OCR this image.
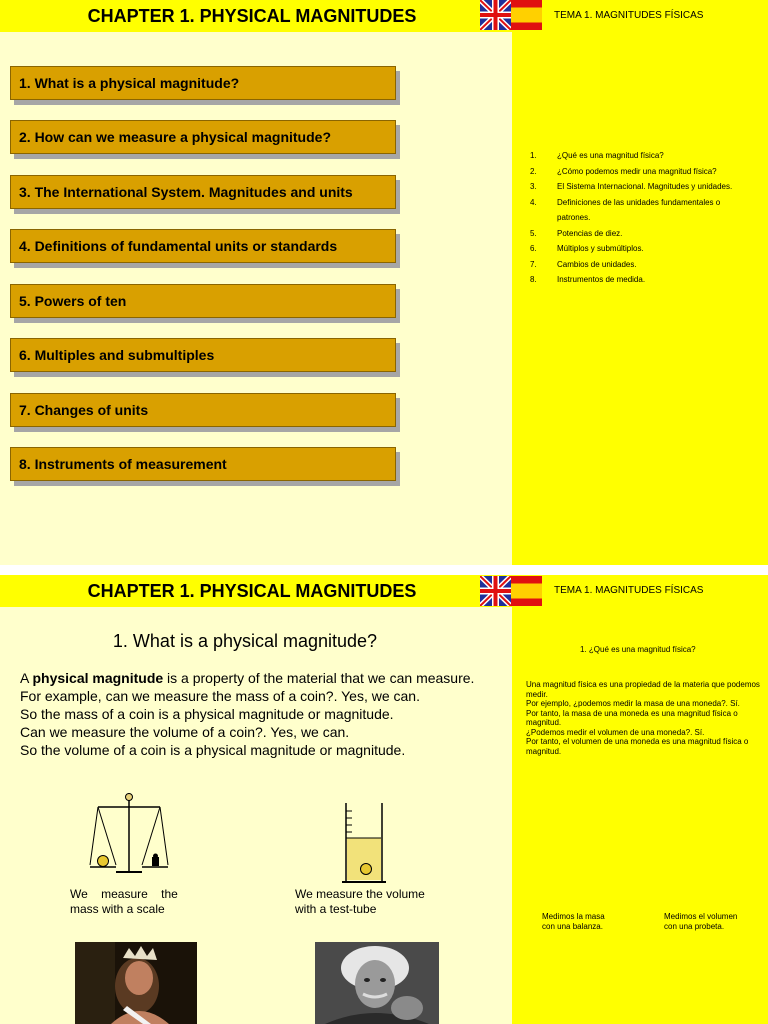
CHAPTER 1. PHYSICAL MAGNITUDES	TEMA 1. MAGNITUDES FÍSICAS
1. What is a physical magnitude?
2. How can we measure a physical magnitude?
3. The International System. Magnitudes and units
4. Definitions of fundamental units or standards
5. Powers of ten
6. Multiples and submultiples
7. Changes of units
8. Instruments of measurement
1.	¿Qué es una magnitud física?
2.	¿Cómo podemos medir una magnitud física?
3.	El Sistema Internacional. Magnitudes y unidades.
4.	Definiciones de las unidades fundamentales o patrones.
5.	Potencias de diez.
6.	Múltiplos y submúltiplos.
7.	Cambios de unidades.
8.	Instrumentos de medida.
CHAPTER 1. PHYSICAL MAGNITUDES	TEMA 1. MAGNITUDES FÍSICAS
1. What is a physical magnitude?
A physical magnitude is a property of the material that we can measure.
For example, can we measure the mass of a coin?. Yes, we can.
So the mass of a coin is a physical magnitude or magnitude.
Can we measure the volume of a coin?. Yes, we can.
So the volume of a coin is a physical magnitude or magnitude.
We    measure    the
mass with a scale
We measure the volume
with a test-tube
1. ¿Qué es una magnitud física?
Una magnitud física es una propiedad de la materia que podemos medir.
Por ejemplo, ¿podemos medir la masa de una moneda?. Sí.
Por tanto, la masa de una moneda es una magnitud física o magnitud.
¿Podemos medir el volumen de una moneda?. Sí.
Por tanto, el volumen de una moneda es una magnitud física o magnitud.
Medimos la masa
con una balanza.
Medimos el volumen
con una probeta.
